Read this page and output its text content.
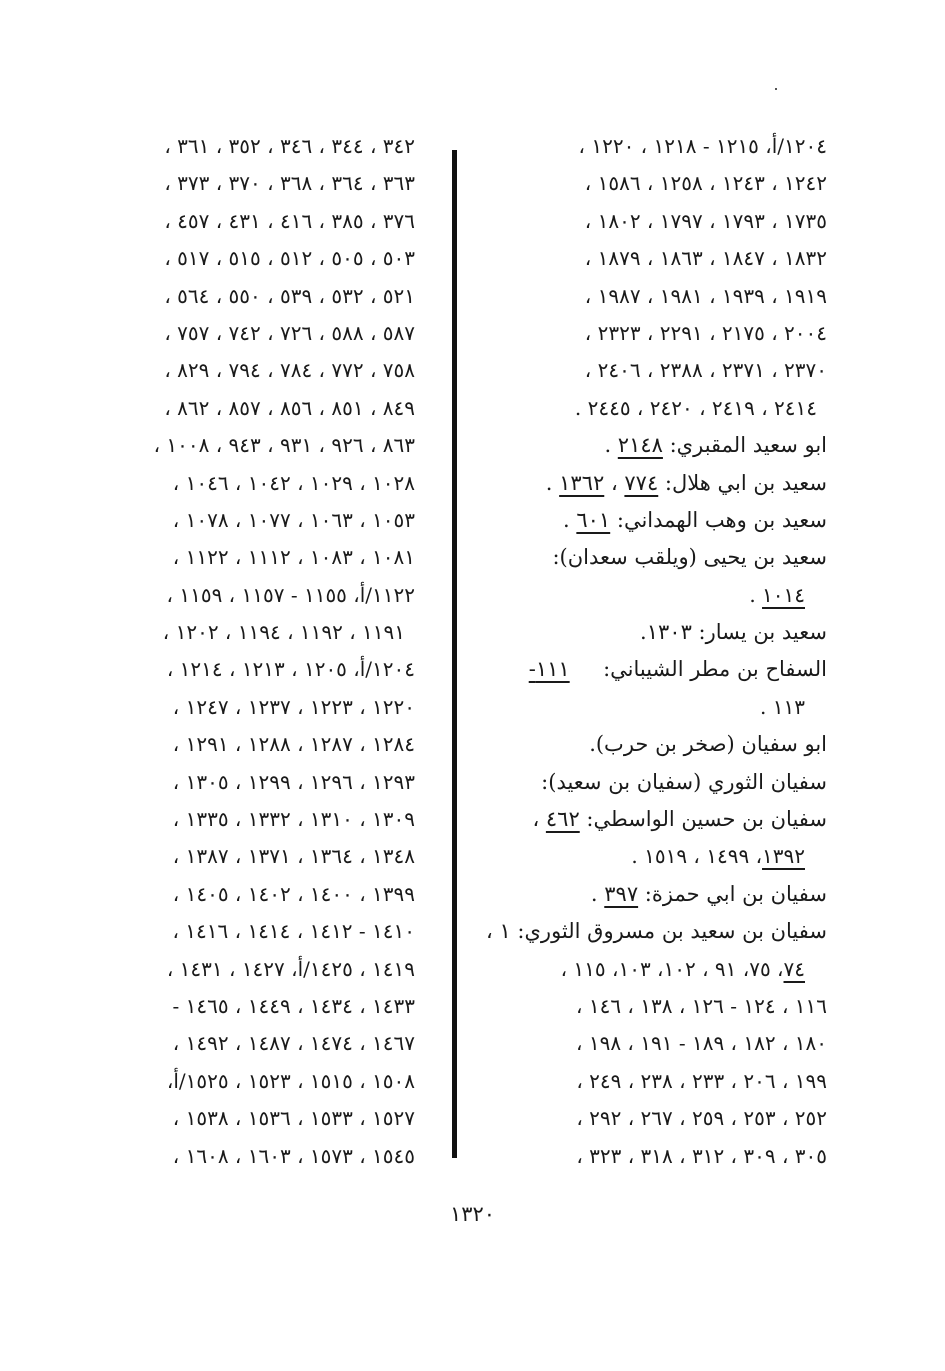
١٢٠٤/أ، ١٢١٥ - ١٢١٨ ، ١٢٢٠ ،
١٢٤٢ ، ١٢٤٣ ، ١٢٥٨ ، ١٥٨٦ ،
١٧٣٥ ، ١٧٩٣ ، ١٧٩٧ ، ١٨٠٢ ،
١٨٣٢ ، ١٨٤٧ ، ١٨٦٣ ، ١٨٧٩ ،
١٩١٩ ، ١٩٣٩ ، ١٩٨١ ، ١٩٨٧ ،
٢٠٠٤ ، ٢١٧٥ ، ٢٢٩١ ، ٢٣٢٣ ،
٢٣٧٠ ، ٢٣٧١ ، ٢٣٨٨ ، ٢٤٠٦ ،
٢٤١٤ ، ٢٤١٩ ، ٢٤٢٠ ، ٢٤٤٥ .
ابو سعيد المقبري: ٢١٤٨ .
سعيد بن ابي هلال: ٧٧٤ ، ١٣٦٢ .
سعيد بن وهب الهمداني: ٦٠١ .
سعيد بن يحيى (ويلقب سعدان):
١٠١٤ .
سعيد بن يسار: ١٣٠٣.
السفاح بن مطر الشيباني:     ١١١-
١١٣ .
ابو سفيان (صخر بن حرب).
سفيان الثوري (سفيان بن سعيد):
سفيان بن حسين الواسطي: ٤٦٢ ،
١٣٩٢، ١٤٩٩ ، ١٥١٩ .
سفيان بن ابي حمزة: ٣٩٧ .
سفيان بن سعيد بن مسروق الثوري: ١ ،
٧٤، ٧٥، ٩١ ، ١٠٢، ١٠٣، ١١٥ ،
١١٦ ، ١٢٤ - ١٢٦ ، ١٣٨ ، ١٤٦ ،
١٨٠ ، ١٨٢ ، ١٨٩ - ١٩١ ، ١٩٨ ،
١٩٩ ، ٢٠٦ ، ٢٣٣ ، ٢٣٨ ، ٢٤٩ ،
٢٥٢ ، ٢٥٣ ، ٢٥٩ ، ٢٦٧ ، ٢٩٢ ،
٣٠٥ ، ٣٠٩ ، ٣١٢ ، ٣١٨ ، ٣٢٣ ،
٣٤٢ ، ٣٤٤ ، ٣٤٦ ، ٣٥٢ ، ٣٦١ ،
٣٦٣ ، ٣٦٤ ، ٣٦٨ ، ٣٧٠ ، ٣٧٣ ،
٣٧٦ ، ٣٨٥ ، ٤١٦ ، ٤٣١ ، ٤٥٧ ،
٥٠٣ ، ٥٠٥ ، ٥١٢ ، ٥١٥ ، ٥١٧ ،
٥٢١ ، ٥٣٢ ، ٥٣٩ ، ٥٥٠ ، ٥٦٤ ،
٥٨٧ ، ٥٨٨ ، ٧٢٦ ، ٧٤٢ ، ٧٥٧ ،
٧٥٨ ، ٧٧٢ ، ٧٨٤ ، ٧٩٤ ، ٨٢٩ ،
٨٤٩ ، ٨٥١ ، ٨٥٦ ، ٨٥٧ ، ٨٦٢ ،
٨٦٣ ، ٩٢٦ ، ٩٣١ ، ٩٤٣ ، ١٠٠٨ ،
١٠٢٨ ، ١٠٢٩ ، ١٠٤٢ ، ١٠٤٦ ،
١٠٥٣ ، ١٠٦٣ ، ١٠٧٧ ، ١٠٧٨ ،
١٠٨١ ، ١٠٨٣ ، ١١١٢ ، ١١٢٢ ،
١١٢٢/أ، ١١٥٥ - ١١٥٧ ، ١١٥٩ ،
١١٩١ ، ١١٩٢ ، ١١٩٤ ، ١٢٠٢ ،
١٢٠٤/أ، ١٢٠٥ ، ١٢١٣ ، ١٢١٤ ،
١٢٢٠ ، ١٢٢٣ ، ١٢٣٧ ، ١٢٤٧ ،
١٢٨٤ ، ١٢٨٧ ، ١٢٨٨ ، ١٢٩١ ،
١٢٩٣ ، ١٢٩٦ ، ١٢٩٩ ، ١٣٠٥ ،
١٣٠٩ ، ١٣١٠ ، ١٣٣٢ ، ١٣٣٥ ،
١٣٤٨ ، ١٣٦٤ ، ١٣٧١ ، ١٣٨٧ ،
١٣٩٩ ، ١٤٠٠ ، ١٤٠٢ ، ١٤٠٥ ،
١٤١٠ - ١٤١٢ ، ١٤١٤ ، ١٤١٦ ،
١٤١٩ ، ١٤٢٥/أ، ١٤٢٧ ، ١٤٣١ ،
١٤٣٣ ، ١٤٣٤ ، ١٤٤٩ ، ١٤٦٥ -
١٤٦٧ ، ١٤٧٤ ، ١٤٨٧ ، ١٤٩٢ ،
١٥٠٨ ، ١٥١٥ ، ١٥٢٣ ، ١٥٢٥/أ،
١٥٢٧ ، ١٥٣٣ ، ١٥٣٦ ، ١٥٣٨ ،
١٥٤٥ ، ١٥٧٣ ، ١٦٠٣ ، ١٦٠٨ ،
١٣٢٠
